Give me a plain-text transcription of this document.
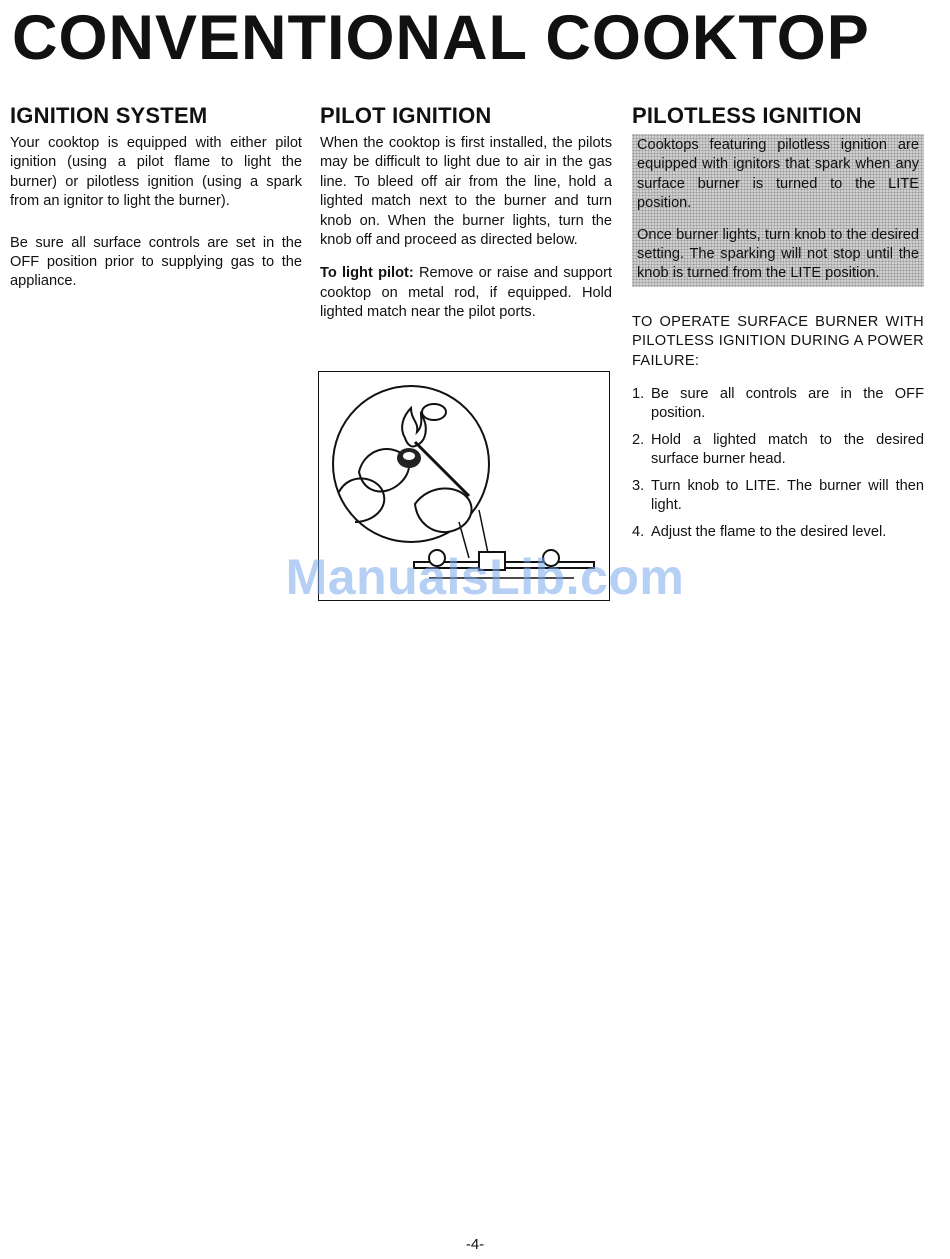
CONVENTIONAL COOKTOP
IGNITION SYSTEM

Your cooktop is equipped with either pilot ignition (using a pilot flame to light the burner) or pilotless ignition (using a spark from an ignitor to light the burner).

Be sure all surface controls are set in the OFF position prior to supplying gas to the appliance.

PILOT IGNITION

When the cooktop is first installed, the pilots may be difficult to light due to air in the gas line. To bleed off air from the line, hold a lighted match next to the burner and turn knob on. When the burner lights, turn the knob off and proceed as directed below.

To light pilot: Remove or raise and support cooktop on metal rod, if equipped. Hold lighted match near the pilot ports.

PILOTLESS IGNITION

Cooktops featuring pilotless ignition are equipped with ignitors that spark when any surface burner is turned to the LITE position.

Once burner lights, turn knob to the desired setting. The sparking will not stop until the knob is turned from the LITE position.

TO OPERATE SURFACE BURNER WITH PILOTLESS IGNITION DURING A POWER FAILURE:

1. Be sure all controls are in the OFF position.
2. Hold a lighted match to the desired surface burner head.
3. Turn knob to LITE. The burner will then light.
4. Adjust the flame to the desired level.
ManualsLib.com
-4-
